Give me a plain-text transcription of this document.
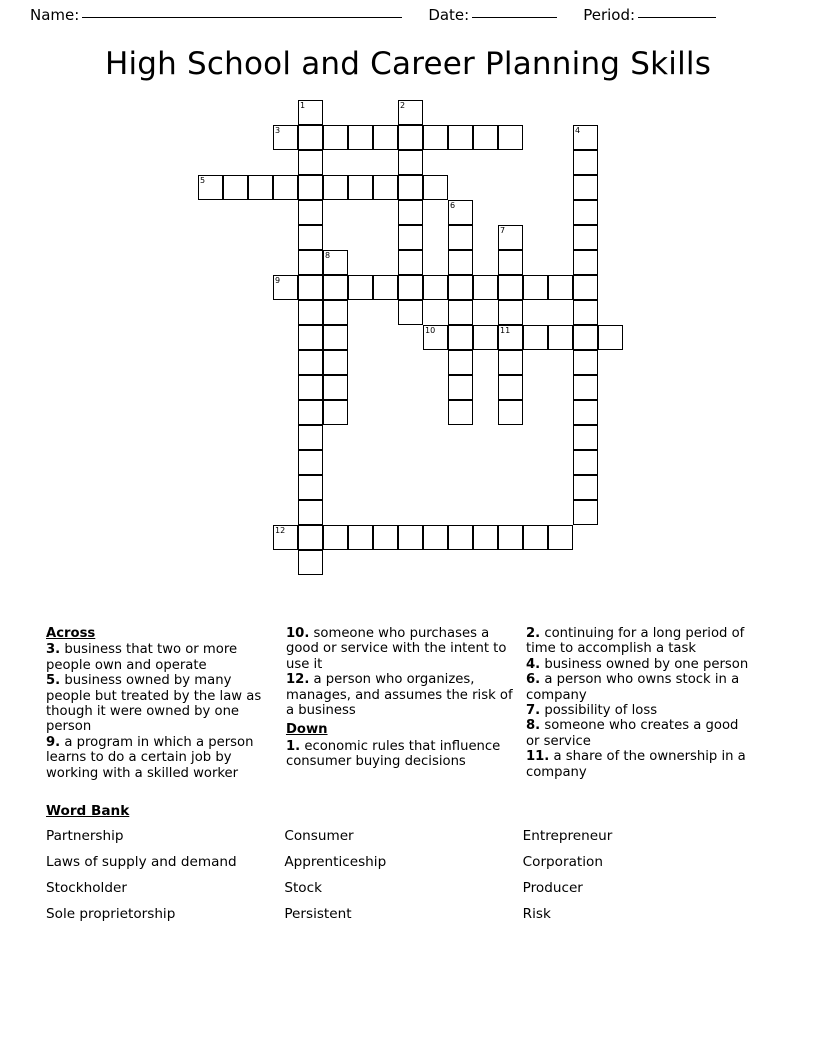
Name:	Date:	Period:
High School and Career Planning Skills
1	2
3	4
5
6
7
8
9
10	11
12
Across
3. business that two or more people own and operate
5. business owned by many people but treated by the law as though it were owned by one person
9. a program in which a person learns to do a certain job by working with a skilled worker
10. someone who purchases a good or service with the intent to use it
12. a person who organizes, manages, and assumes the risk of a business
Down
1. economic rules that influence consumer buying decisions
2. continuing for a long period of time to accomplish a task
4. business owned by one person
6. a person who owns stock in a company
7. possibility of loss
8. someone who creates a good or service
11. a share of the ownership in a company
Word Bank
Partnership
Laws of supply and demand
Stockholder
Sole proprietorship
Consumer
Apprenticeship
Stock
Persistent
Entrepreneur
Corporation
Producer
Risk
